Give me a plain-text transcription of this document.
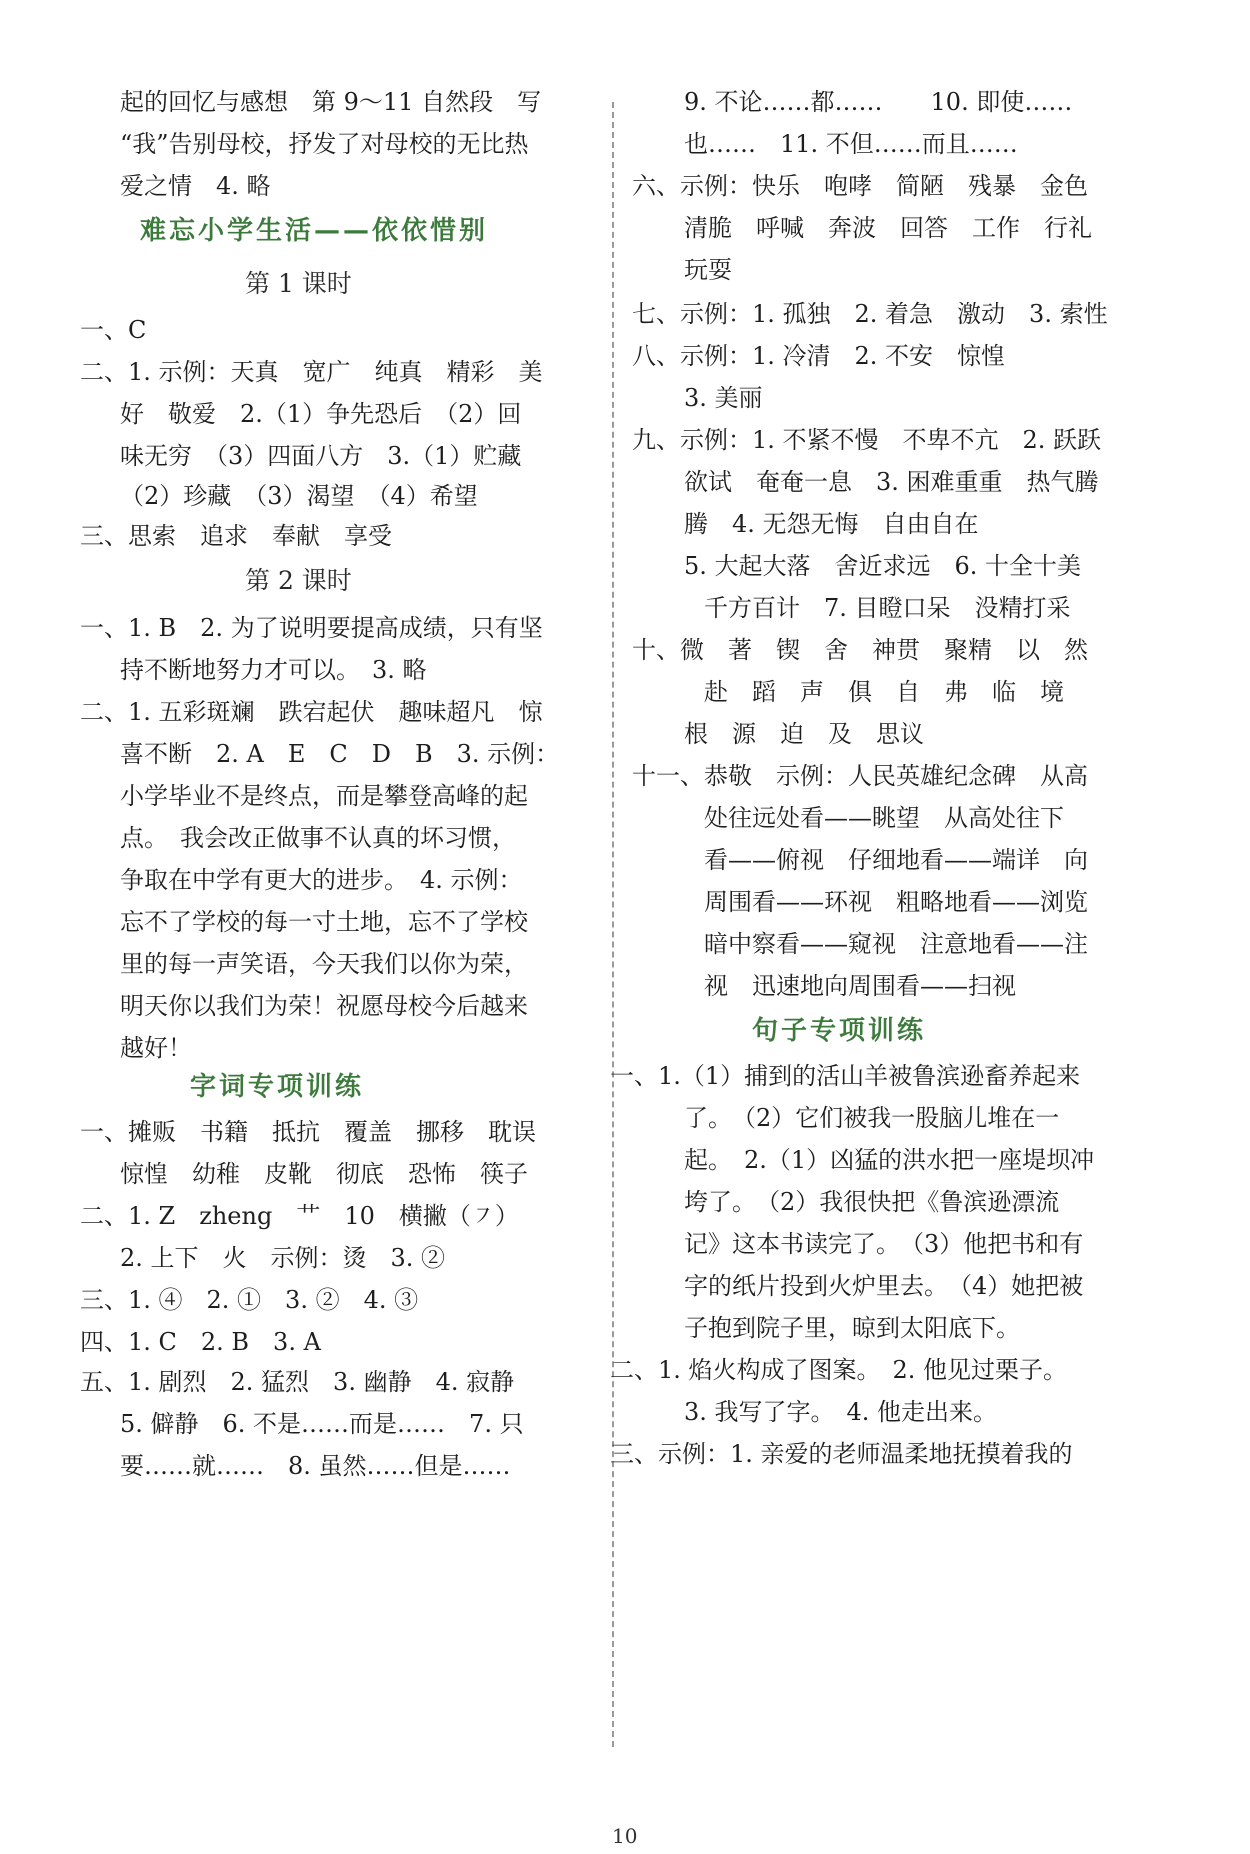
起的回忆与感想　第 9～11 自然段　写
“我”告别母校，抒发了对母校的无比热
爱之情　4. 略
难忘小学生活——依依惜别
第 1 课时
一、C
二、1. 示例：天真　宽广　纯真　精彩　美
好　敬爱　2.（1）争先恐后　（2）回
味无穷　（3）四面八方　3.（1）贮藏
（2）珍藏　（3）渴望　（4）希望
三、思索　追求　奉献　享受
第 2 课时
一、1. B　2. 为了说明要提高成绩，只有坚
持不断地努力才可以。　3. 略
二、1. 五彩斑斓　跌宕起伏　趣味超凡　惊
喜不断　2. A　E　C　D　B　3. 示例：
小学毕业不是终点，而是攀登高峰的起
点。　我会改正做事不认真的坏习惯，
争取在中学有更大的进步。　4. 示例：
忘不了学校的每一寸土地，忘不了学校
里的每一声笑语，今天我们以你为荣，
明天你以我们为荣！祝愿母校今后越来
越好！
字词专项训练
一、摊贩　书籍　抵抗　覆盖　挪移　耽误
惊惶　幼稚　皮靴　彻底　恐怖　筷子
二、1. Z　zheng　艹　10　横撇（㇇）
2. 上下　火　示例：烫　3. ②
三、1. ④　2. ①　3. ②　4. ③
四、1. C　2. B　3. A
五、1. 剧烈　2. 猛烈　3. 幽静　4. 寂静
5. 僻静　6. 不是……而是……　7. 只
要……就……　8. 虽然……但是……
9. 不论……都……　　10. 即使……
也……　11. 不但……而且……
六、示例：快乐　咆哮　简陋　残暴　金色
清脆　呼喊　奔波　回答　工作　行礼
玩耍
七、示例：1. 孤独　2. 着急　激动　3. 索性
八、示例：1. 冷清　2. 不安　惊惶
3. 美丽
九、示例：1. 不紧不慢　不卑不亢　2. 跃跃
欲试　奄奄一息　3. 困难重重　热气腾
腾　4. 无怨无悔　自由自在
5. 大起大落　舍近求远　6. 十全十美
千方百计　7. 目瞪口呆　没精打采
十、微　著　锲　舍　神贯　聚精　以　然
赴　蹈　声　俱　自　弗　临　境
根　源　迫　及　思议
十一、恭敬　示例：人民英雄纪念碑　从高
处往远处看——眺望　从高处往下
看——俯视　仔细地看——端详　向
周围看——环视　粗略地看——浏览
暗中察看——窥视　注意地看——注
视　迅速地向周围看——扫视
句子专项训练
一、1.（1）捕到的活山羊被鲁滨逊畜养起来
了。　（2）它们被我一股脑儿堆在一
起。　2.（1）凶猛的洪水把一座堤坝冲
垮了。　（2）我很快把《鲁滨逊漂流
记》这本书读完了。　（3）他把书和有
字的纸片投到火炉里去。　（4）她把被
子抱到院子里，晾到太阳底下。
二、1. 焰火构成了图案。　2. 他见过栗子。
3. 我写了字。　4. 他走出来。
三、示例：1. 亲爱的老师温柔地抚摸着我的
10
